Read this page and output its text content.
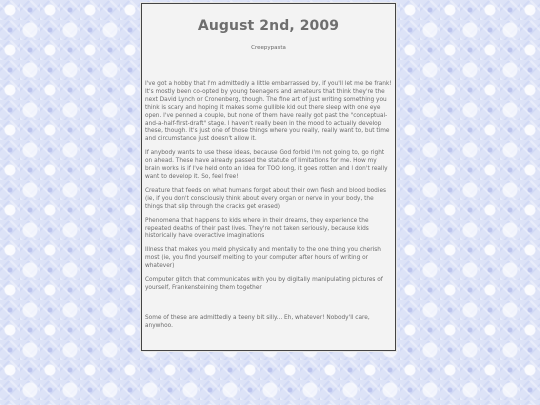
August 2nd, 2009
Creepypasta

I've got a hobby that I'm admittedly a little embarrassed by, if you'll let me be frank! It's mostly been co-opted by young teenagers and amateurs that think they're the next David Lynch or Cronenberg, though. The fine art of just writing something you think is scary and hoping it makes some gullible kid out there sleep with one eye open. I've penned a couple, but none of them have really got past the "conceptual-and-a-half-first-draft" stage. I haven't really been in the mood to actually develop these, though. It's just one of those things where you really, really want to, but time and circumstance just doesn't allow it.

If anybody wants to use these ideas, because God forbid I'm not going to, go right on ahead. These have already passed the statute of limitations for me. How my brain works is if I've held onto an idea for TOO long, it goes rotten and I don't really want to develop it. So, feel free!

Creature that feeds on what humans forget about their own flesh and blood bodies (ie, if you don't consciously think about every organ or nerve in your body, the things that slip through the cracks get erased)

Phenomena that happens to kids where in their dreams, they experience the repeated deaths of their past lives. They're not taken seriously, because kids historically have overactive imaginations

Illness that makes you meld physically and mentally to the one thing you cherish most (ie, you find yourself melting to your computer after hours of writing or whatever)

Computer glitch that communicates with you by digitally manipulating pictures of yourself, Frankensteining them together

Some of these are admittedly a teeny bit silly... Eh, whatever! Nobody'll care, anywhoo.
